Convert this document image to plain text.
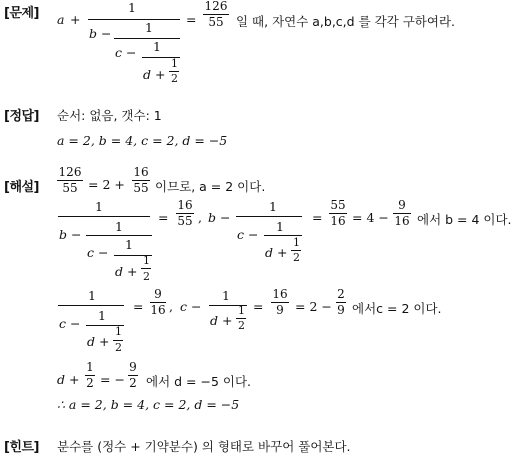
[문제] a +
1
b −	1
c − 1
d +
1
2
=
126
55 일 때, 자연수 a,b,c,d 를 각각 구하여라.
[정답] 순서: 없음, 갯수: 1
a = 2, b = 4, c = 2, d = −5
[해설]
126
55 = 2 +
16
55 이므로, a = 2 이다.
1
b −
1
c −
1
d +
1
2
=
16
55 , b −
1
c −
1
d +
1
2
=
55
16 = 4 −
9
16 에서 b = 4 이다.
1
c −
1
d +
1
2
=
9
16 , c −
1
d +
1
2
=
16
9 = 2 −
2
9 에서c = 2 이다.
d +
1
2 = −
9
2 에서 d = −5 이다.
∴ a = 2, b = 4, c = 2, d = −5
[힌트] 분수를 (정수 + 기약분수) 의 형태로 바꾸어 풀어본다.
